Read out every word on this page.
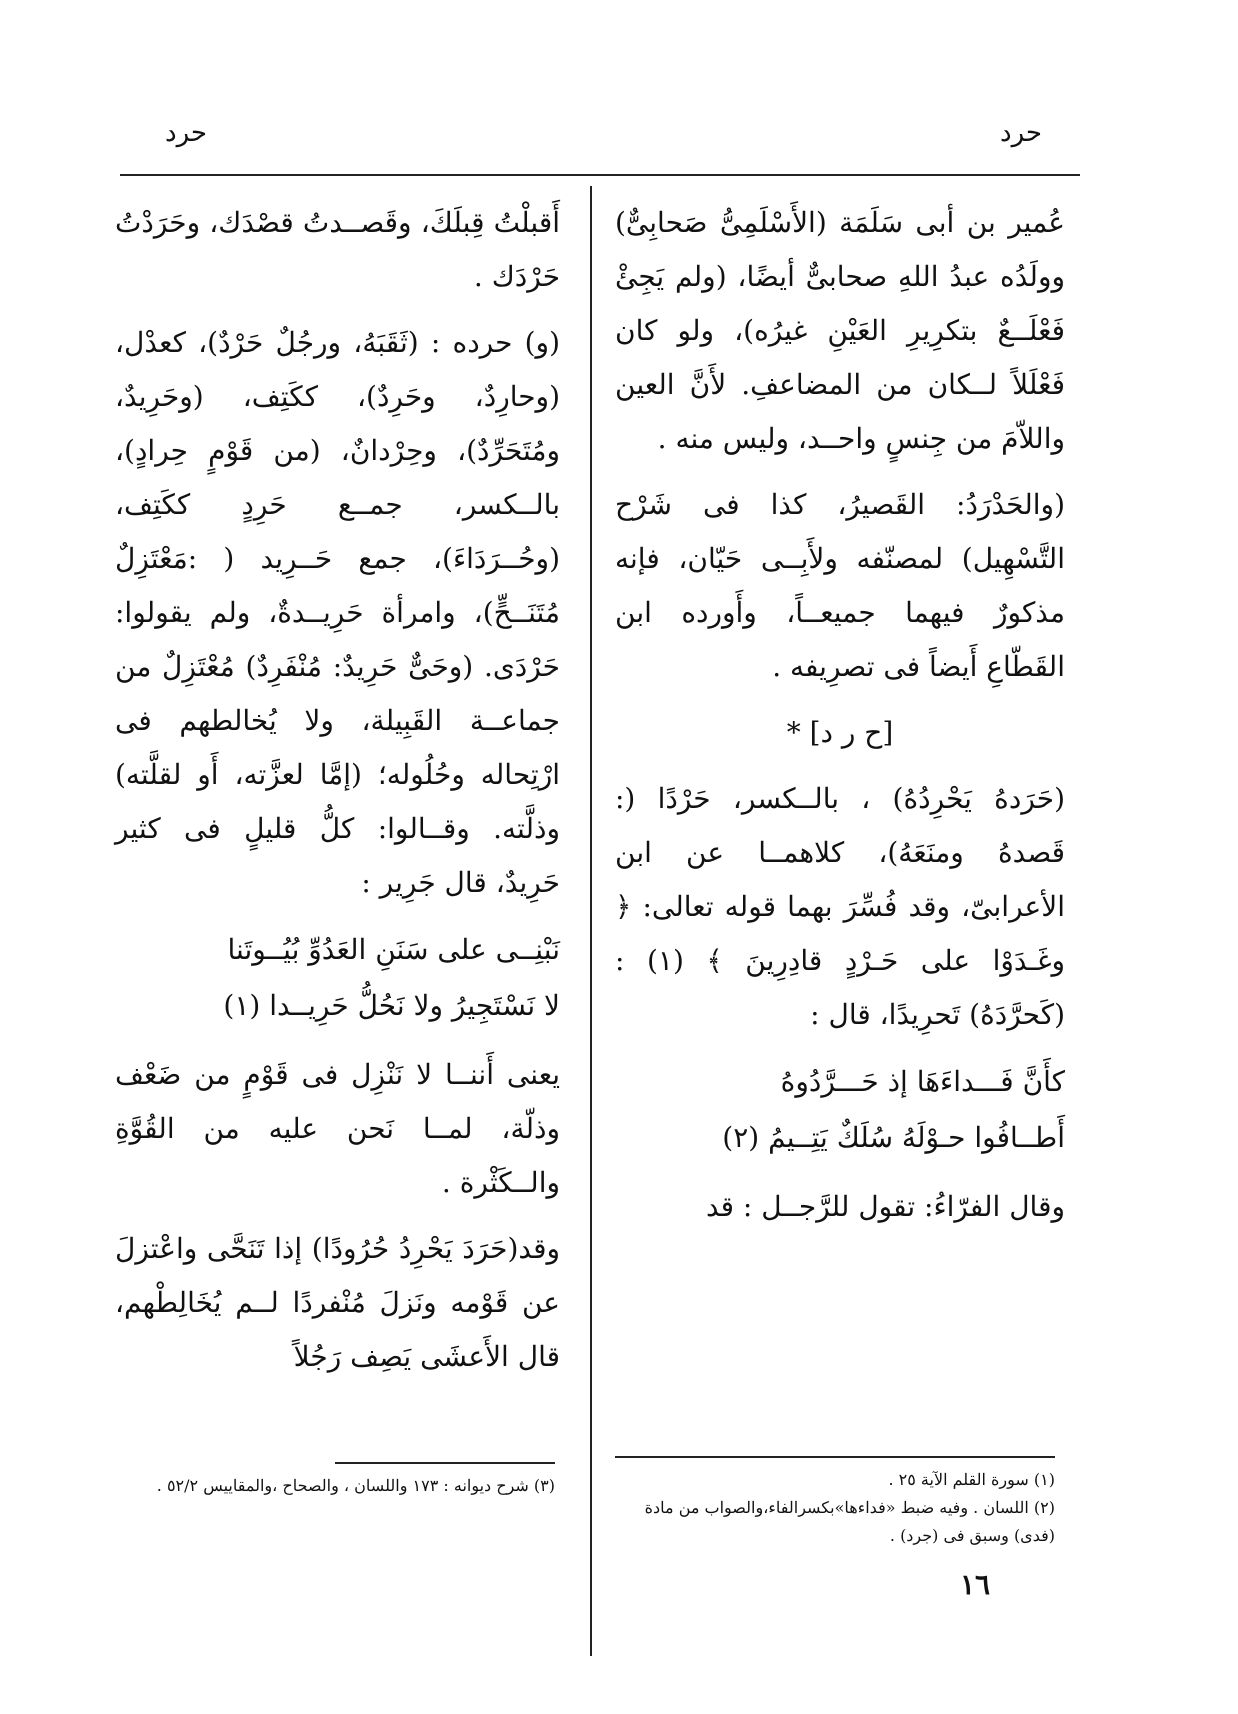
حرد
حرد

عُمير بن أبى سَلَمَة (الأَسْلَمِىُّ صَحابِىٌّ) وولَدُه عبدُ اللهِ صحابىٌّ أيضًا، (ولم يَجِئْ فَعْلَــعٌ بتكرِيرِ العَيْنِ غيرُه)، ولو كان فَعْلَلاً لــكان من المضاعفِ. لأَنَّ العين واللاّمَ من جِنسٍ واحــد، وليس منه .

(والحَدْرَدُ: القَصيرُ، كذا فى شَرْح التَّسْهِيل) لمصنّفه ولأَبِــى حَيّان، فإنه مذكورٌ فيهما جميعــاً، وأَورده ابن القَطّاعِ أَيضاً فى تصرِيفه .

[ح ر د] *

(حَرَدهُ يَحْرِدُهُ) ، بالــكسر، حَرْدًا (: قَصدهُ ومنَعَهُ)، كلاهمــا عن ابن الأعرابىّ، وقد فُسِّرَ بهما قوله تعالى: ﴿ وغَـدَوْا على حَـرْدٍ قادِرِينَ ﴾ (١) : (كَحرَّدَهُ) تَحرِيدًا، قال :

كأَنَّ فَـــداءَهَا إذ حَـــرَّدُوهُ
أَطــافُوا حـوْلَهُ سُلَكٌ يَتِــيمُ (٢)

وقال الفرّاءُ: تقول للرَّجــل : قد

أَقبلْتُ قِبلَكَ، وقَصــدتُ قصْدَك، وحَرَدْتُ حَرْدَك .

(و) حرده : (ثَقَبَهُ، ورجُلٌ حَرْدٌ)، كعدْل، (وحارِدٌ، وحَرِدٌ)، ككَتِف، (وحَرِيدٌ، ومُتَحَرِّدٌ)، وحِرْدانٌ، (من قَوْمٍ حِرادٍ)، بالــكسر، جمــع حَرِدٍ ككَتِف، (وحُــرَدَاءَ)، جمع حَــرِيد ( :مَعْتَزِلٌ مُتَنَــحٍّ)، وامرأة حَرِيــدةٌ، ولم يقولوا: حَرْدَى. (وحَىٌّ حَرِيدٌ: مُنْفَرِدٌ) مُعْتَزِلٌ من جماعــة القَبِيلة، ولا يُخالطهم فى ارْتِحاله وحُلُوله؛ (إمَّا لعزَّته، أَو لقلَّته) وذلَّته. وقــالوا: كلُّ قليلٍ فى كثير حَرِيدٌ، قال جَرِير :

نَبْنِــى على سَنَنِ العَدُوِّ بُيُــوتَنا
لا نَسْتَجِيرُ ولا نَحُلُّ حَرِيــدا (١)

يعنى أَننــا لا نَنْزِل فى قَوْمٍ من ضَعْف وذلّة، لمــا نَحن عليه من القُوَّةِ والــكَثْرة .

وقد(حَرَدَ يَحْرِدُ حُرُودًا) إذا تَنَحَّى واعْتزلَ عن قَوْمه ونَزلَ مُنْفردًا لــم يُخَالِطْهم، قال الأَعشَى يَصِف رَجُلاً

(١) سورة القلم الآية ٢٥ .
(٢) اللسان . وفيه ضبط «فداءها»بكسرالفاء،والصواب من مادة (فدى) وسبق فى (جرد) .
(٣) شرح ديوانه : ١٧٣ واللسان ، والصحاح ،والمقاييس ٥٢/٢ .
١٦
